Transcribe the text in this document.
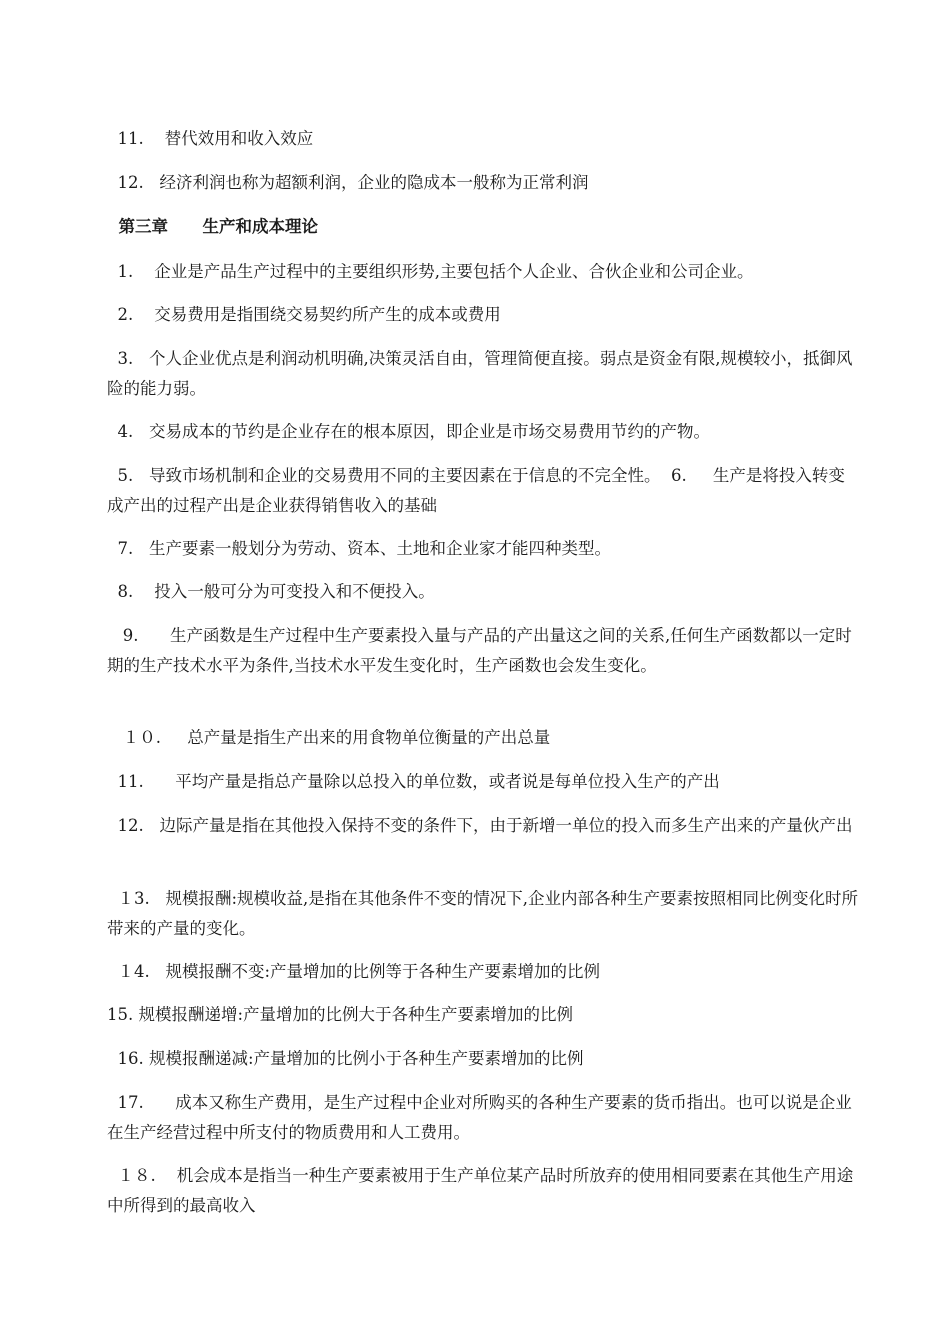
11.    替代效用和收入效应

12.   经济利润也称为超额利润，企业的隐成本一般称为正常利润

第三章      生产和成本理论

1.    企业是产品生产过程中的主要组织形势,主要包括个人企业、合伙企业和公司企业。

2.    交易费用是指围绕交易契约所产生的成本或费用

3.   个人企业优点是利润动机明确,决策灵活自由，管理简便直接。弱点是资金有限,规模较小，抵御风险的能力弱。

4.   交易成本的节约是企业存在的根本原因，即企业是市场交易费用节约的产物。

5.   导致市场机制和企业的交易费用不同的主要因素在于信息的不完全性。  6.     生产是将投入转变成产出的过程产出是企业获得销售收入的基础

7.   生产要素一般划分为劳动、资本、土地和企业家才能四种类型。

8.    投入一般可分为可变投入和不便投入。

9.      生产函数是生产过程中生产要素投入量与产品的产出量这之间的关系,任何生产函数都以一定时期的生产技术水平为条件,当技术水平发生变化时，生产函数也会发生变化。

１０.     总产量是指生产出来的用食物单位衡量的产出总量

11.      平均产量是指总产量除以总投入的单位数，或者说是每单位投入生产的产出

12.   边际产量是指在其他投入保持不变的条件下，由于新增一单位的投入而多生产出来的产量伙产出

１3.   规模报酬:规模收益,是指在其他条件不变的情况下,企业内部各种生产要素按照相同比例变化时所带来的产量的变化。

１4.   规模报酬不变:产量增加的比例等于各种生产要素增加的比例

15. 规模报酬递增:产量增加的比例大于各种生产要素增加的比例

16. 规模报酬递减:产量增加的比例小于各种生产要素增加的比例

17.      成本又称生产费用，是生产过程中企业对所购买的各种生产要素的货币指出。也可以说是企业在生产经营过程中所支付的物质费用和人工费用。

１８.    机会成本是指当一种生产要素被用于生产单位某产品时所放弃的使用相同要素在其他生产用途中所得到的最高收入
